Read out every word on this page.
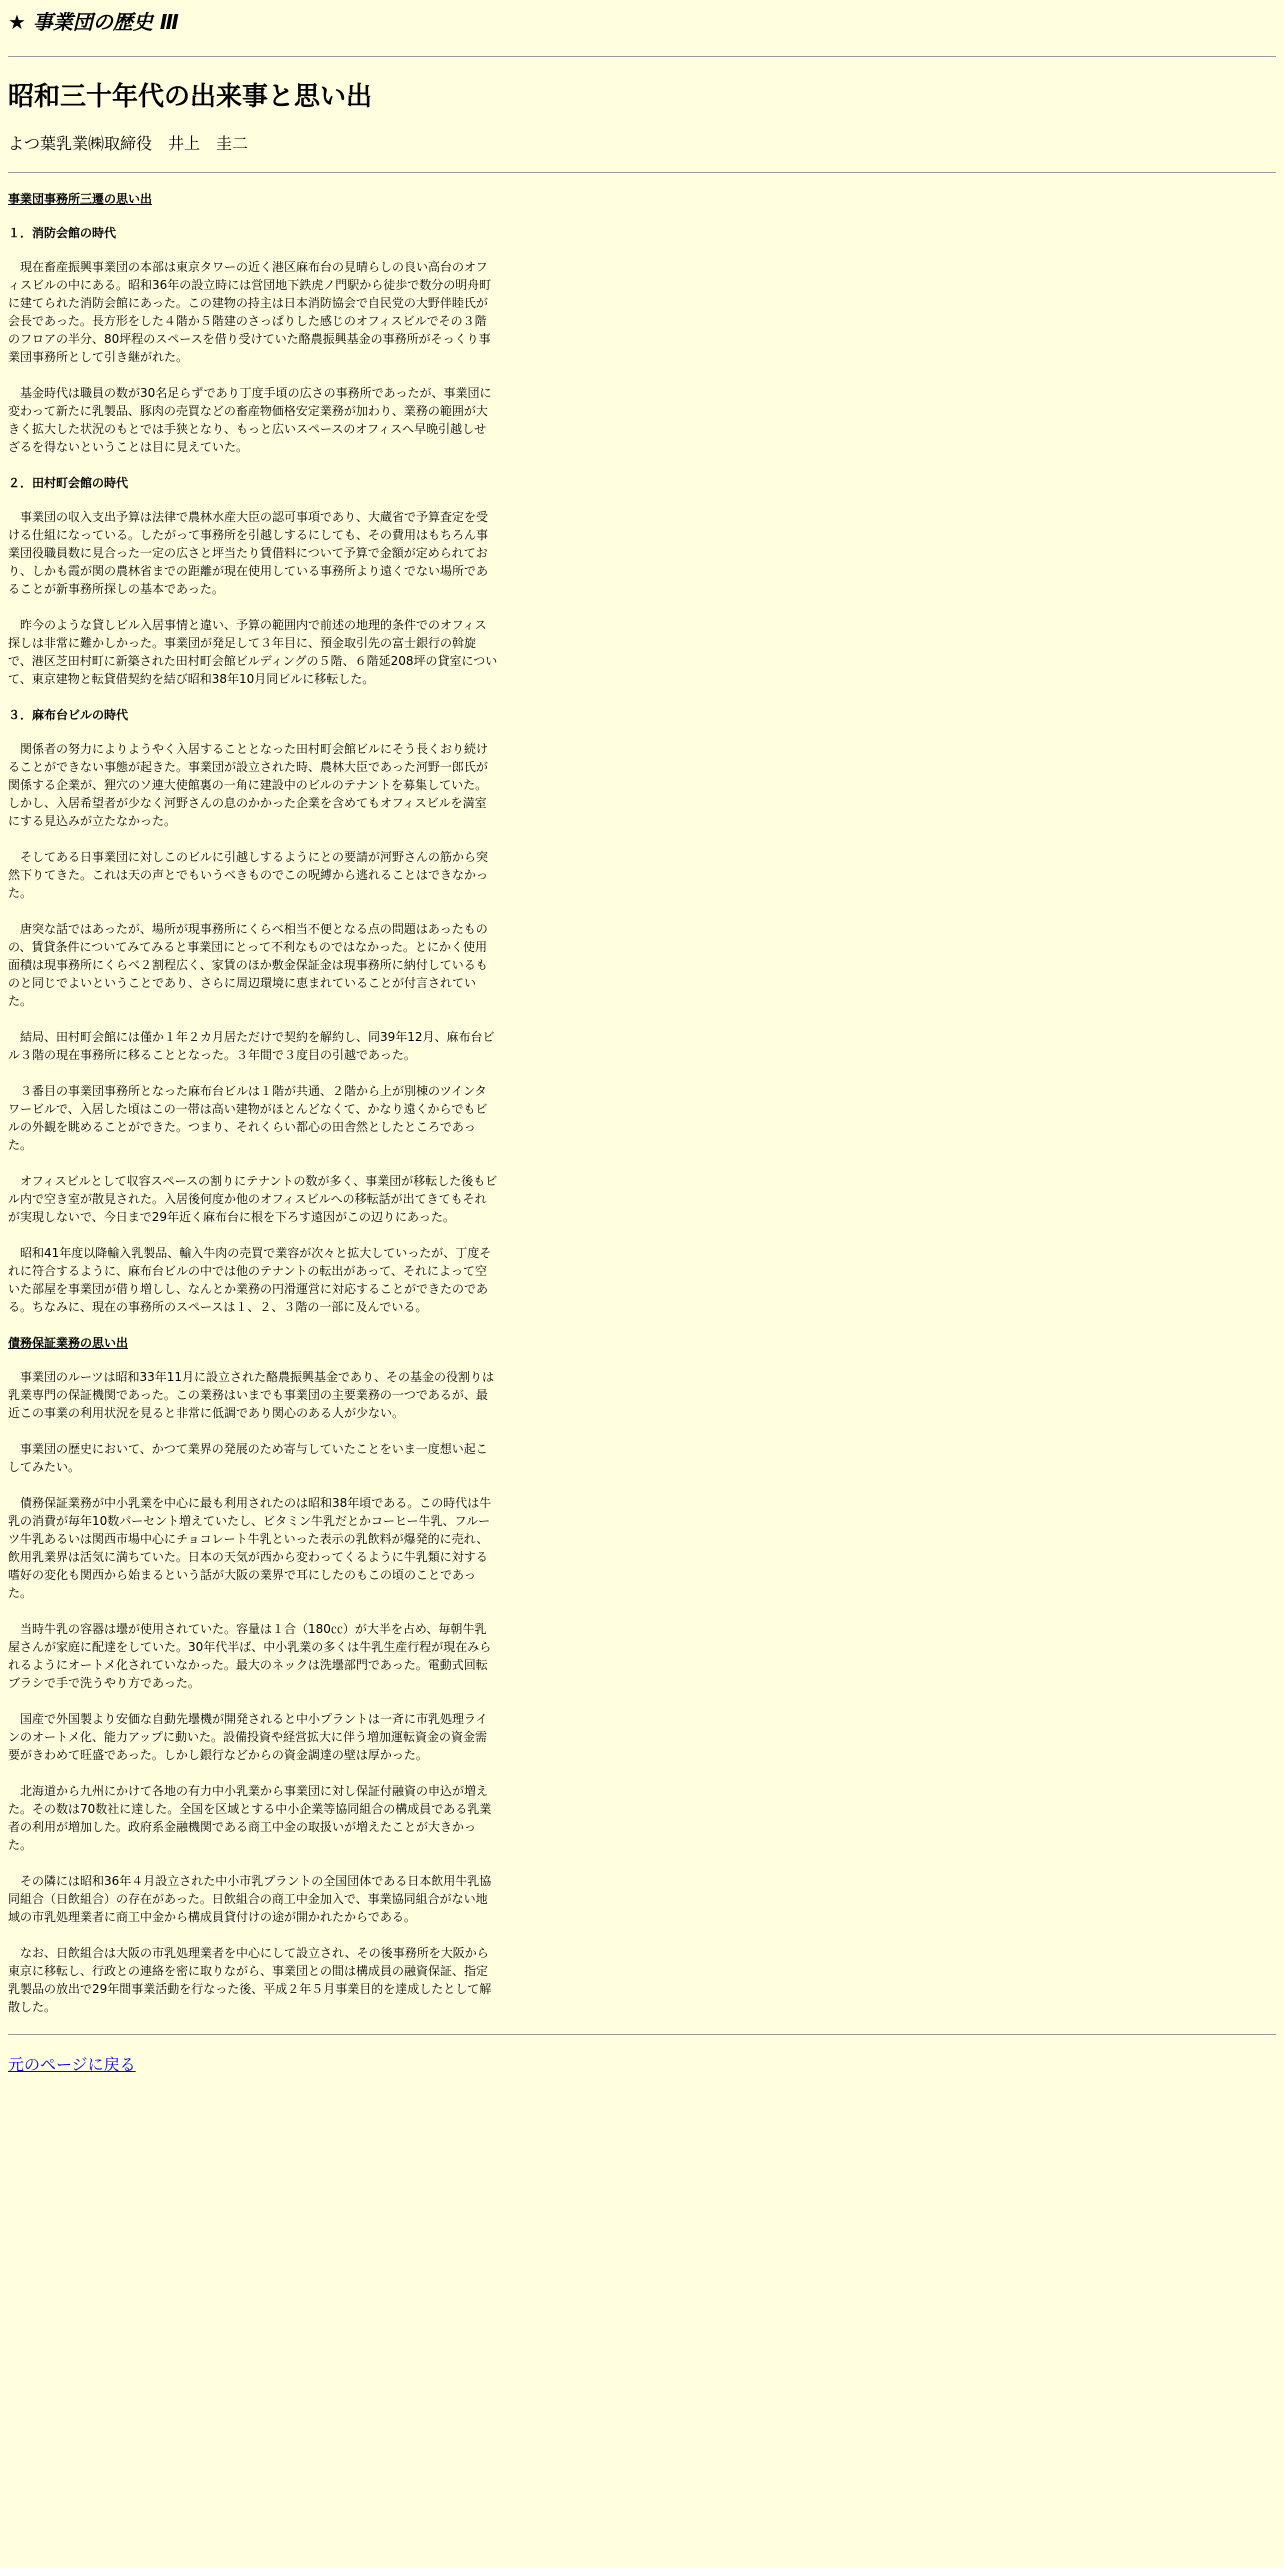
★ 事業団の歴史 Ⅲ
昭和三十年代の出来事と思い出
よつ葉乳業㈱取締役　井上　圭二
事業団事務所三遷の思い出
１．消防会館の時代

現在畜産振興事業団の本部は東京タワーの近く港区麻布台の見晴らしの良い高台のオフィスビルの中にある。昭和36年の設立時には営団地下鉄虎ノ門駅から徒歩で数分の明舟町に建てられた消防会館にあった。この建物の持主は日本消防協会で自民党の大野伴睦氏が会長であった。長方形をした４階か５階建のさっぱりした感じのオフィスビルでその３階のフロアの半分、80坪程のスペースを借り受けていた酪農振興基金の事務所がそっくり事業団事務所として引き継がれた。

基金時代は職員の数が30名足らずであり丁度手頃の広さの事務所であったが、事業団に変わって新たに乳製品、豚肉の売買などの畜産物価格安定業務が加わり、業務の範囲が大きく拡大した状況のもとでは手狭となり、もっと広いスペースのオフィスへ早晩引越しせざるを得ないということは目に見えていた。

２．田村町会館の時代

事業団の収入支出予算は法律で農林水産大臣の認可事項であり、大蔵省で予算査定を受ける仕組になっている。したがって事務所を引越しするにしても、その費用はもちろん事業団役職員数に見合った一定の広さと坪当たり賃借料について予算で金額が定められており、しかも霞が関の農林省までの距離が現在使用している事務所より遠くでない場所であることが新事務所探しの基本であった。

昨今のような貸しビル入居事情と違い、予算の範囲内で前述の地理的条件でのオフィス探しは非常に難かしかった。事業団が発足して３年目に、預金取引先の富士銀行の斡旋で、港区芝田村町に新築された田村町会館ビルディングの５階、６階延208坪の貸室について、東京建物と転貸借契約を結び昭和38年10月同ビルに移転した。

３．麻布台ビルの時代

関係者の努力によりようやく入居することとなった田村町会館ビルにそう長くおり続けることができない事態が起きた。事業団が設立された時、農林大臣であった河野一郎氏が関係する企業が、狸穴のソ連大使館裏の一角に建設中のビルのテナントを募集していた。しかし、入居希望者が少なく河野さんの息のかかった企業を含めてもオフィスビルを満室にする見込みが立たなかった。

そしてある日事業団に対しこのビルに引越しするようにとの要請が河野さんの筋から突然下りてきた。これは天の声とでもいうべきものでこの呪縛から逃れることはできなかった。

唐突な話ではあったが、場所が現事務所にくらべ相当不便となる点の問題はあったものの、賃貸条件についてみてみると事業団にとって不利なものではなかった。とにかく使用面積は現事務所にくらべ２割程広く、家賃のほか敷金保証金は現事務所に納付しているものと同じでよいということであり、さらに周辺環境に恵まれていることが付言されていた。

結局、田村町会館には僅か１年２カ月居ただけで契約を解約し、同39年12月、麻布台ビル３階の現在事務所に移ることとなった。３年間で３度目の引越であった。

３番目の事業団事務所となった麻布台ビルは１階が共通、２階から上が別棟のツインタワービルで、入居した頃はこの一帯は高い建物がほとんどなくて、かなり遠くからでもビルの外観を眺めることができた。つまり、それくらい都心の田舎然としたところであった。

オフィスビルとして収容スペースの割りにテナントの数が多く、事業団が移転した後もビル内で空き室が散見された。入居後何度か他のオフィスビルへの移転話が出てきてもそれが実現しないで、今日まで29年近く麻布台に根を下ろす遠因がこの辺りにあった。

昭和41年度以降輸入乳製品、輸入牛肉の売買で業容が次々と拡大していったが、丁度それに符合するように、麻布台ビルの中では他のテナントの転出があって、それによって空いた部屋を事業団が借り増しし、なんとか業務の円滑運営に対応することができたのである。ちなみに、現在の事務所のスペースは１、２、３階の一部に及んでいる。

債務保証業務の思い出

事業団のルーツは昭和33年11月に設立された酪農振興基金であり、その基金の役割りは乳業専門の保証機関であった。この業務はいまでも事業団の主要業務の一つであるが、最近この事業の利用状況を見ると非常に低調であり関心のある人が少ない。

事業団の歴史において、かつて業界の発展のため寄与していたことをいま一度想い起こしてみたい。

債務保証業務が中小乳業を中心に最も利用されたのは昭和38年頃である。この時代は牛乳の消費が毎年10数パーセント増えていたし、ビタミン牛乳だとかコーヒー牛乳、フルーツ牛乳あるいは関西市場中心にチョコレート牛乳といった表示の乳飲料が爆発的に売れ、飲用乳業界は活気に満ちていた。日本の天気が西から変わってくるように牛乳類に対する嗜好の変化も関西から始まるという話が大阪の業界で耳にしたのもこの頃のことであった。

当時牛乳の容器は壜が使用されていた。容量は１合（180㏄）が大半を占め、毎朝牛乳屋さんが家庭に配達をしていた。30年代半ば、中小乳業の多くは牛乳生産行程が現在みられるようにオートメ化されていなかった。最大のネックは洗壜部門であった。電動式回転ブラシで手で洗うやり方であった。

国産で外国製より安価な自動先壜機が開発されると中小プラントは一斉に市乳処理ラインのオートメ化、能力アップに動いた。設備投資や経営拡大に伴う増加運転資金の資金需要がきわめて旺盛であった。しかし銀行などからの資金調達の壁は厚かった。

北海道から九州にかけて各地の有力中小乳業から事業団に対し保証付融資の申込が増えた。その数は70数社に達した。全国を区域とする中小企業等協同組合の構成員である乳業者の利用が増加した。政府系金融機関である商工中金の取扱いが増えたことが大きかった。

その隣には昭和36年４月設立された中小市乳プラントの全国団体である日本飲用牛乳協同組合（日飲組合）の存在があった。日飲組合の商工中金加入で、事業協同組合がない地域の市乳処理業者に商工中金から構成員貸付けの途が開かれたからである。

なお、日飲組合は大阪の市乳処理業者を中心にして設立され、その後事務所を大阪から東京に移転し、行政との連絡を密に取りながら、事業団との間は構成員の融資保証、指定乳製品の放出で29年間事業活動を行なった後、平成２年５月事業目的を達成したとして解散した。

元のページに戻る
